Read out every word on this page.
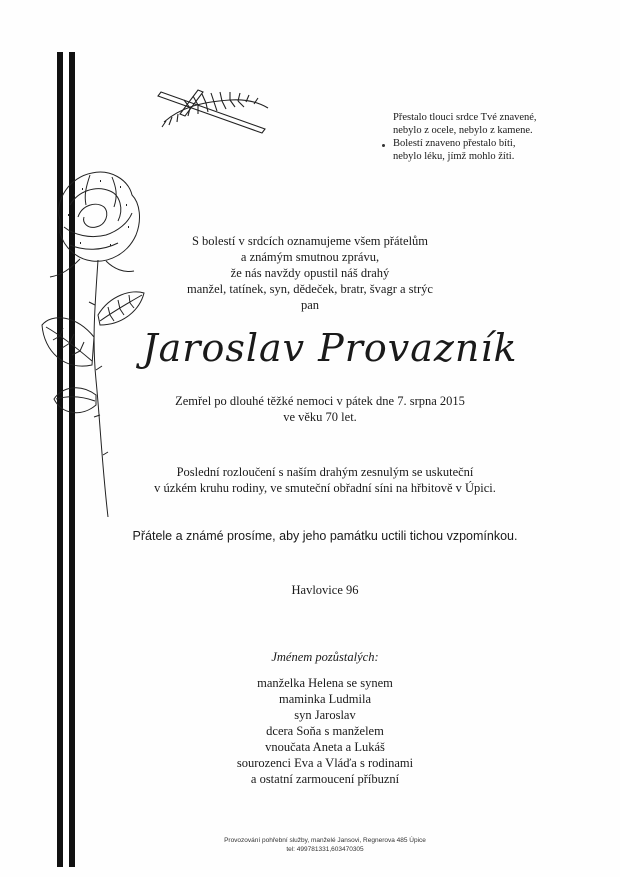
Přestalo tlouci srdce Tvé znavené,
nebylo z ocele, nebylo z kamene.
Bolestí znaveno přestalo bíti,
nebylo léku, jímž mohlo žíti.
S bolestí v srdcích oznamujeme všem přátelům
a známým smutnou zprávu,
že nás navždy opustil náš drahý
manžel, tatínek, syn, dědeček, bratr, švagr a strýc
pan
Jaroslav Provazník
Zemřel po dlouhé těžké nemoci v pátek dne 7. srpna 2015
ve věku 70 let.
Poslední rozloučení s naším drahým zesnulým se uskuteční
v úzkém kruhu rodiny, ve smuteční obřadní síni na hřbitově v Úpici.
Přátele a známé prosíme, aby jeho památku uctili tichou vzpomínkou.
Havlovice 96
Jménem pozůstalých:
manželka Helena se synem
maminka Ludmila
syn Jaroslav
dcera Soňa s manželem
vnoučata Aneta a Lukáš
sourozenci Eva a Vláďa s rodinami
a ostatní zarmoucení příbuzní
Provozování pohřební služby, manželé Jansovi, Regnerova 485 Úpice
tel: 499781331,603470305
